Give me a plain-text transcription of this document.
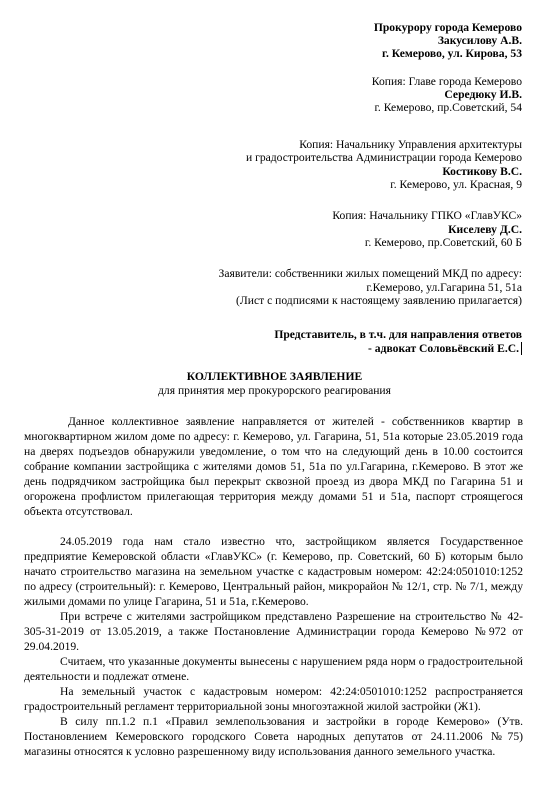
Прокурору города Кемерово
Закусилову А.В.
г. Кемерово, ул. Кирова, 53
Копия: Главе города Кемерово
Середюку И.В.
г. Кемерово, пр.Советский, 54
Копия: Начальнику Управления архитектуры
и градостроительства Администрации города Кемерово
Костикову В.С.
г. Кемерово, ул. Красная, 9
Копия: Начальнику ГПКО «ГлавУКС»
Киселеву Д.С.
г. Кемерово, пр.Советский, 60 Б
Заявители: собственники жилых помещений МКД по адресу:
г.Кемерово, ул.Гагарина 51, 51а
(Лист с подписями к настоящему заявлению прилагается)
Представитель, в т.ч. для направления ответов
- адвокат Соловьёвский Е.С.
КОЛЛЕКТИВНОЕ ЗАЯВЛЕНИЕ
для принятия мер прокурорского реагирования

Данное коллективное заявление направляется от жителей - собственников квартир в многоквартирном жилом доме по адресу: г. Кемерово, ул. Гагарина, 51, 51а которые 23.05.2019 года на дверях подъездов обнаружили уведомление, о том что на следующий день в 10.00 состоится собрание компании застройщика с жителями домов 51, 51а по ул.Гагарина, г.Кемерово. В этот же день подрядчиком застройщика был перекрыт сквозной проезд из двора МКД по Гагарина 51 и огорожена профлистом прилегающая территория между домами 51 и 51а, паспорт строящегося объекта отсутствовал.

24.05.2019 года нам стало известно что, застройщиком является Государственное предприятие Кемеровской области «ГлавУКС» (г. Кемерово, пр. Советский, 60 Б) которым было начато строительство магазина на земельном участке с кадастровым номером: 42:24:0501010:1252 по адресу (строительный): г. Кемерово, Центральный район, микрорайон № 12/1, стр. № 7/1, между жилыми домами по улице Гагарина, 51 и 51а, г.Кемерово.

При встрече с жителями застройщиком представлено Разрешение на строительство № 42-305-31-2019 от 13.05.2019, а также Постановление Администрации города Кемерово №972 от 29.04.2019.

Считаем, что указанные документы вынесены с нарушением ряда норм о градостроительной деятельности и подлежат отмене.

На земельный участок с кадастровым номером: 42:24:0501010:1252 распространяется градостроительный регламент территориальной зоны многоэтажной жилой застройки (Ж1).

В силу пп.1.2 п.1 «Правил землепользования и застройки в городе Кемерово» (Утв. Постановлением Кемеровского городского Совета народных депутатов от 24.11.2006 №75) магазины относятся к условно разрешенному виду использования данного земельного участка.
